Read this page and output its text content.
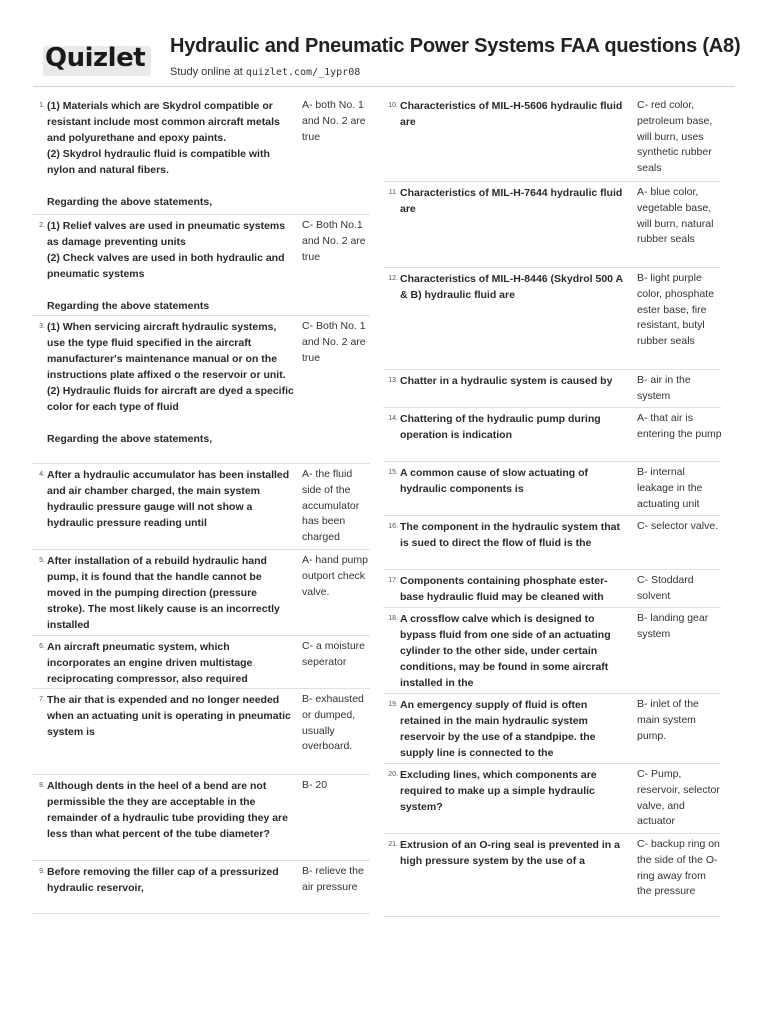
Quizlet Hydraulic and Pneumatic Power Systems FAA questions (A8)
Study online at quizlet.com/_1ypr08
1. (1) Materials which are Skydrol compatible or resistant include most common aircraft metals and polyurethane and epoxy paints.
(2) Skydrol hydraulic fluid is compatible with nylon and natural fibers.

Regarding the above statements,
A- both No. 1 and No. 2 are true
2. (1) Relief valves are used in pneumatic systems as damage preventing units
(2) Check valves are used in both hydraulic and pneumatic systems

Regarding the above statements
C- Both No.1 and No. 2 are true
3. (1) When servicing aircraft hydraulic systems, use the type fluid specified in the aircraft manufacturer's maintenance manual or on the instructions plate affixed o the reservoir or unit.
(2) Hydraulic fluids for aircraft are dyed a specific color for each type of fluid

Regarding the above statements,
C- Both No. 1 and No. 2 are true
4. After a hydraulic accumulator has been installed and air chamber charged, the main system hydraulic pressure gauge will not show a hydraulic pressure reading until
A- the fluid side of the accumulator has been charged
5. After installation of a rebuild hydraulic hand pump, it is found that the handle cannot be moved in the pumping direction (pressure stroke). The most likely cause is an incorrectly installed
A- hand pump outport check valve.
6. An aircraft pneumatic system, which incorporates an engine driven multistage reciprocating compressor, also required
C- a moisture seperator
7. The air that is expended and no longer needed when an actuating unit is operating in pneumatic system is
B- exhausted or dumped, usually overboard.
8. Although dents in the heel of a bend are not permissible the they are acceptable in the remainder of a hydraulic tube providing they are less than what percent of the tube diameter?
B- 20
9. Before removing the filler cap of a pressurized hydraulic reservoir,
B- relieve the air pressure
10. Characteristics of MIL-H-5606 hydraulic fluid are
C- red color, petroleum base, will burn, uses synthetic rubber seals
11. Characteristics of MIL-H-7644 hydraulic fluid are
A- blue color, vegetable base, will burn, natural rubber seals
12. Characteristics of MIL-H-8446 (Skydrol 500 A & B) hydraulic fluid are
B- light purple color, phosphate ester base, fire resistant, butyl rubber seals
13. Chatter in a hydraulic system is caused by	B- air in the system
14. Chattering of the hydraulic pump during operation is indication
A- that air is entering the pump
15. A common cause of slow actuating of hydraulic components is
B- internal leakage in the actuating unit
16. The component in the hydraulic system that is sued to direct the flow of fluid is the
C- selector valve.
17. Components containing phosphate ester-base hydraulic fluid may be cleaned with
C- Stoddard solvent
18. A crossflow calve which is designed to bypass fluid from one side of an actuating cylinder to the other side, under certain conditions, may be found in some aircraft installed in the
B- landing gear system
19. An emergency supply of fluid is often retained in the main hydraulic system reservoir by the use of a standpipe. the supply line is connected to the
B- inlet of the main system pump.
20. Excluding lines, which components are required to make up a simple hydraulic system?
C- Pump, reservoir, selector valve, and actuator
21. Extrusion of an O-ring seal is prevented in a high pressure system by the use of a
C- backup ring on the side of the O-ring away from the pressure
